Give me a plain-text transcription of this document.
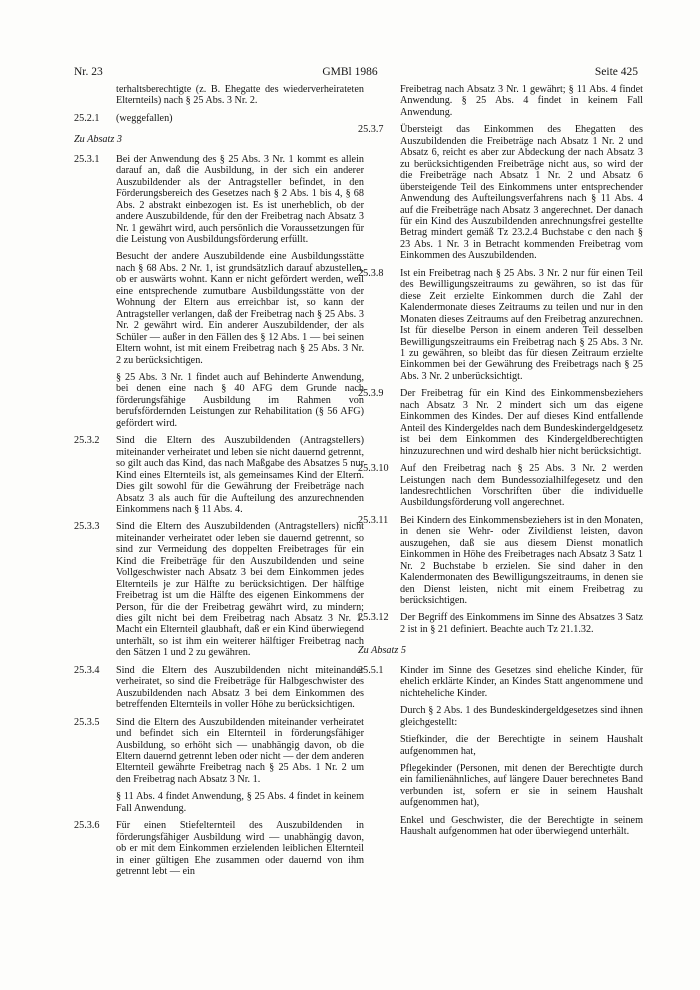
Nr. 23	GMBl 1986	Seite 425

terhaltsberechtigte (z. B. Ehegatte des wiederverheirateten Elternteils) nach § 25 Abs. 3 Nr. 2.

25.2.1	(weggefallen)

Zu Absatz 3
25.3.1	Bei der Anwendung des § 25 Abs. 3 Nr. 1 kommt es allein darauf an, daß die Ausbildung, in der sich ein anderer Auszubildender als der Antragsteller befindet, in den Förderungsbereich des Gesetzes nach § 2 Abs. 1 bis 4, § 68 Abs. 2 abstrakt einbezogen ist. Es ist unerheblich, ob der andere Auszubildende, für den der Freibetrag nach Absatz 3 Nr. 1 gewährt wird, auch persönlich die Voraussetzungen für die Leistung von Ausbildungsförderung erfüllt.

Besucht der andere Auszubildende eine Ausbildungsstätte nach § 68 Abs. 2 Nr. 1, ist grundsätzlich darauf abzustellen, ob er auswärts wohnt. Kann er nicht gefördert werden, weil eine entsprechende zumutbare Ausbildungsstätte von der Wohnung der Eltern aus erreichbar ist, so kann der Antragsteller verlangen, daß der Freibetrag nach § 25 Abs. 3 Nr. 2 gewährt wird. Ein anderer Auszubildender, der als Schüler — außer in den Fällen des § 12 Abs. 1 — bei seinen Eltern wohnt, ist mit einem Freibetrag nach § 25 Abs. 3 Nr. 2 zu berücksichtigen.

§ 25 Abs. 3 Nr. 1 findet auch auf Behinderte Anwendung, bei denen eine nach § 40 AFG dem Grunde nach förderungsfähige Ausbildung im Rahmen von berufsfördernden Leistungen zur Rehabilitation (§ 56 AFG) gefördert wird.

25.3.2	Sind die Eltern des Auszubildenden (Antragstellers) miteinander verheiratet und leben sie nicht dauernd getrennt, so gilt auch das Kind, das nach Maßgabe des Absatzes 5 nur Kind eines Elternteils ist, als gemeinsames Kind der Eltern. Dies gilt sowohl für die Gewährung der Freibeträge nach Absatz 3 als auch für die Aufteilung des anzurechnenden Einkommens nach § 11 Abs. 4.

25.3.3	Sind die Eltern des Auszubildenden (Antragstellers) nicht miteinander verheiratet oder leben sie dauernd getrennt, so sind zur Vermeidung des doppelten Freibetrages für ein Kind die Freibeträge für den Auszubildenden und seine Vollgeschwister nach Absatz 3 bei dem Einkommen jedes Elternteils je zur Hälfte zu berücksichtigen. Der hälftige Freibetrag ist um die Hälfte des eigenen Einkommens der Person, für die der Freibetrag gewährt wird, zu mindern; dies gilt nicht bei dem Freibetrag nach Absatz 3 Nr. 1. Macht ein Elternteil glaubhaft, daß er ein Kind überwiegend unterhält, so ist ihm ein weiterer hälftiger Freibetrag nach den Sätzen 1 und 2 zu gewähren.

25.3.4	Sind die Eltern des Auszubildenden nicht miteinander verheiratet, so sind die Freibeträge für Halbgeschwister des Auszubildenden nach Absatz 3 bei dem Einkommen des betreffenden Elternteils in voller Höhe zu berücksichtigen.

25.3.5	Sind die Eltern des Auszubildenden miteinander verheiratet und befindet sich ein Elternteil in förderungsfähiger Ausbildung, so erhöht sich — unabhängig davon, ob die Eltern dauernd getrennt leben oder nicht — der dem anderen Elternteil gewährte Freibetrag nach § 25 Abs. 1 Nr. 2 um den Freibetrag nach Absatz 3 Nr. 1.

§ 11 Abs. 4 findet Anwendung, § 25 Abs. 4 findet in keinem Fall Anwendung.

25.3.6	Für einen Stiefelternteil des Auszubildenden in förderungsfähiger Ausbildung wird — unabhängig davon, ob er mit dem Einkommen erzielenden leiblichen Elternteil in einer gültigen Ehe zusammen oder dauernd von ihm getrennt lebt — ein

Freibetrag nach Absatz 3 Nr. 1 gewährt; § 11 Abs. 4 findet Anwendung. § 25 Abs. 4 findet in keinem Fall Anwendung.

25.3.7	Übersteigt das Einkommen des Ehegatten des Auszubildenden die Freibeträge nach Absatz 1 Nr. 2 und Absatz 6, reicht es aber zur Abdeckung der nach Absatz 3 zu berücksichtigenden Freibeträge nicht aus, so wird der die Freibeträge nach Absatz 1 Nr. 2 und Absatz 6 übersteigende Teil des Einkommens unter entsprechender Anwendung des Aufteilungsverfahrens nach § 11 Abs. 4 auf die Freibeträge nach Absatz 3 angerechnet. Der danach für ein Kind des Auszubildenden anrechnungsfrei gestellte Betrag mindert gemäß Tz 23.2.4 Buchstabe c den nach § 23 Abs. 1 Nr. 3 in Betracht kommenden Freibetrag vom Einkommen des Auszubildenden.

25.3.8	Ist ein Freibetrag nach § 25 Abs. 3 Nr. 2 nur für einen Teil des Bewilligungszeitraums zu gewähren, so ist das für diese Zeit erzielte Einkommen durch die Zahl der Kalendermonate dieses Zeitraums zu teilen und nur in den Monaten dieses Zeitraums auf den Freibetrag anzurechnen. Ist für dieselbe Person in einem anderen Teil desselben Bewilligungszeitraums ein Freibetrag nach § 25 Abs. 3 Nr. 1 zu gewähren, so bleibt das für diesen Zeitraum erzielte Einkommen bei der Gewährung des Freibetrags nach § 25 Abs. 3 Nr. 2 unberücksichtigt.

25.3.9	Der Freibetrag für ein Kind des Einkommensbeziehers nach Absatz 3 Nr. 2 mindert sich um das eigene Einkommen des Kindes. Der auf dieses Kind entfallende Anteil des Kindergeldes nach dem Bundeskindergeldgesetz ist bei dem Einkommen des Kindergeldberechtigten hinzuzurechnen und wird deshalb hier nicht berücksichtigt.

25.3.10	Auf den Freibetrag nach § 25 Abs. 3 Nr. 2 werden Leistungen nach dem Bundessozialhilfegesetz und den landesrechtlichen Vorschriften über die individuelle Ausbildungsförderung voll angerechnet.

25.3.11	Bei Kindern des Einkommensbeziehers ist in den Monaten, in denen sie Wehr- oder Zivildienst leisten, davon auszugehen, daß sie aus diesem Dienst monatlich Einkommen in Höhe des Freibetrages nach Absatz 3 Satz 1 Nr. 2 Buchstabe b erzielen. Sie sind daher in den Kalendermonaten des Bewilligungszeitraums, in denen sie den Dienst leisten, nicht mit einem Freibetrag zu berücksichtigen.

25.3.12	Der Begriff des Einkommens im Sinne des Absatzes 3 Satz 2 ist in § 21 definiert. Beachte auch Tz 21.1.32.

Zu Absatz 5
25.5.1	Kinder im Sinne des Gesetzes sind eheliche Kinder, für ehelich erklärte Kinder, an Kindes Statt angenommene und nichteheliche Kinder.

Durch § 2 Abs. 1 des Bundeskindergeldgesetzes sind ihnen gleichgestellt:

Stiefkinder, die der Berechtigte in seinem Haushalt aufgenommen hat,

Pflegekinder (Personen, mit denen der Berechtigte durch ein familienähnliches, auf längere Dauer berechnetes Band verbunden ist, sofern er sie in seinem Haushalt aufgenommen hat),

Enkel und Geschwister, die der Berechtigte in seinem Haushalt aufgenommen hat oder überwiegend unterhält.
